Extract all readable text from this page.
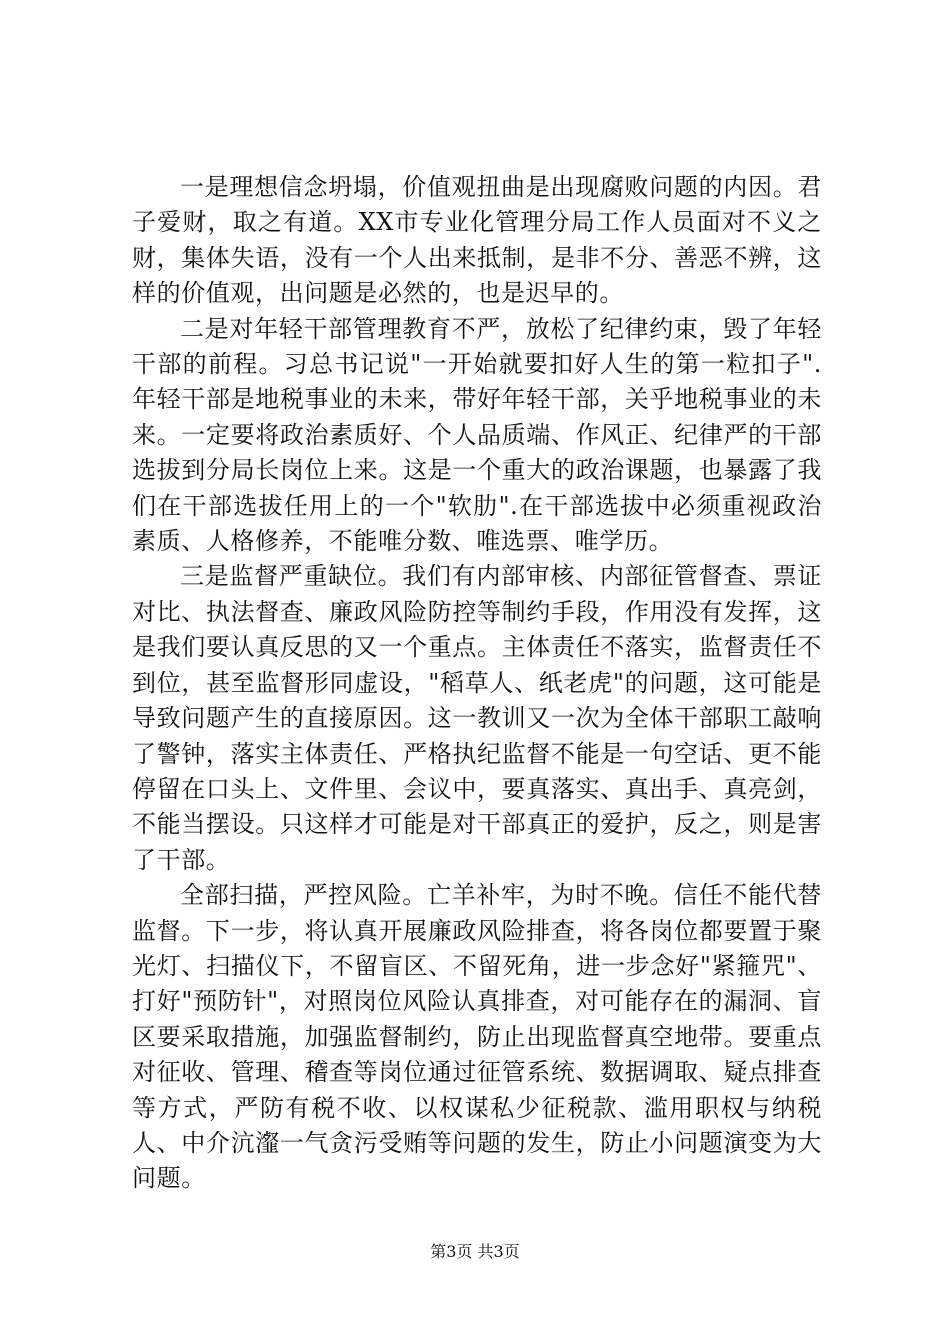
一是理想信念坍塌，价值观扭曲是出现腐败问题的内因。君子爱财，取之有道。XX市专业化管理分局工作人员面对不义之财，集体失语，没有一个人出来抵制，是非不分、善恶不辨，这样的价值观，出问题是必然的，也是迟早的。

二是对年轻干部管理教育不严，放松了纪律约束，毁了年轻干部的前程。习总书记说"一开始就要扣好人生的第一粒扣子".年轻干部是地税事业的未来，带好年轻干部，关乎地税事业的未来。一定要将政治素质好、个人品质端、作风正、纪律严的干部选拔到分局长岗位上来。这是一个重大的政治课题，也暴露了我们在干部选拔任用上的一个"软肋".在干部选拔中必须重视政治素质、人格修养，不能唯分数、唯选票、唯学历。

三是监督严重缺位。我们有内部审核、内部征管督查、票证对比、执法督查、廉政风险防控等制约手段，作用没有发挥，这是我们要认真反思的又一个重点。主体责任不落实，监督责任不到位，甚至监督形同虚设，"稻草人、纸老虎"的问题，这可能是导致问题产生的直接原因。这一教训又一次为全体干部职工敲响了警钟，落实主体责任、严格执纪监督不能是一句空话、更不能停留在口头上、文件里、会议中，要真落实、真出手、真亮剑，不能当摆设。只这样才可能是对干部真正的爱护，反之，则是害了干部。

全部扫描，严控风险。亡羊补牢，为时不晚。信任不能代替监督。下一步，将认真开展廉政风险排查，将各岗位都要置于聚光灯、扫描仪下，不留盲区、不留死角，进一步念好"紧箍咒"、打好"预防针"，对照岗位风险认真排查，对可能存在的漏洞、盲区要采取措施，加强监督制约，防止出现监督真空地带。要重点对征收、管理、稽查等岗位通过征管系统、数据调取、疑点排查等方式，严防有税不收、以权谋私少征税款、滥用职权与纳税人、中介沆瀣一气贪污受贿等问题的发生，防止小问题演变为大问题。

第3页 共3页
